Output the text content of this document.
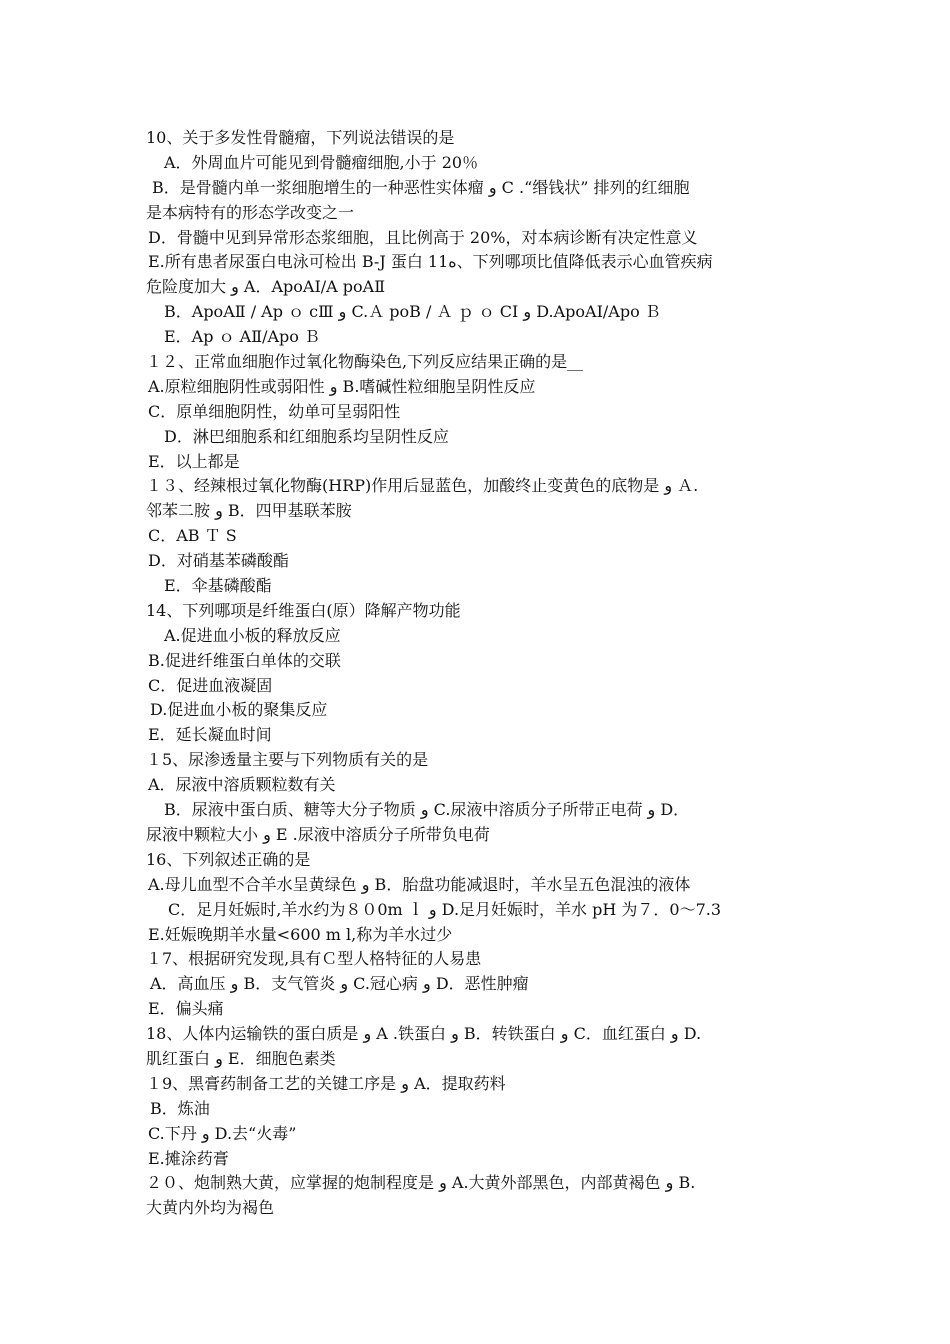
10、关于多发性骨髓瘤，下列说法错误的是
A．外周血片可能见到骨髓瘤细胞,小于 20％
B．是骨髓内单一浆细胞增生的一种恶性实体瘤 و C .“缗钱状” 排列的红细胞
是本病特有的形态学改变之一
D．骨髓中见到异常形态浆细胞，且比例高于 20%，对本病诊断有决定性意义
E.所有患者尿蛋白电泳可检出 B-J 蛋白 11ﻩ、下列哪项比值降低表示心血管疾病
危险度加大 و A．ApoAI/A poAⅡ
B．ApoAⅡ / Ap ｏ cⅢ و C.Ａ poB / Ａ ｐ ｏ CI و D.ApoAI/Apo Ｂ
E．Ap ｏ AⅡ/Apo Ｂ
１２、正常血细胞作过氧化物酶染色,下列反应结果正确的是__
A.原粒细胞阴性或弱阳性 و B.嗜碱性粒细胞呈阴性反应
C．原单细胞阴性，幼单可呈弱阳性
D．淋巴细胞系和红细胞系均呈阴性反应
E．以上都是
１３、经辣根过氧化物酶(HRP)作用后显蓝色，加酸终止变黄色的底物是 و Ａ.
邻苯二胺 و B．四甲基联苯胺
C．AB Ｔ S
D．对硝基苯磷酸酯
E．伞基磷酸酯
14、下列哪项是纤维蛋白(原）降解产物功能
A.促进血小板的释放反应
B.促进纤维蛋白单体的交联
C．促进血液凝固
D.促进血小板的聚集反应
E．延长凝血时间
１5、尿渗透量主要与下列物质有关的是
A．尿液中溶质颗粒数有关
B．尿液中蛋白质、糖等大分子物质 و C.尿液中溶质分子所带正电荷 و D．
尿液中颗粒大小 و E .尿液中溶质分子所带负电荷
16、下列叙述正确的是
A.母儿血型不合羊水呈黄绿色 و B．胎盘功能减退时，羊水呈五色混浊的液体
C．足月妊娠时,羊水约为８０0m ｌ و D.足月妊娠时，羊水 pH 为７．0～7.3
E.妊娠晚期羊水量<600 m l,称为羊水过少
１7、根据研究发现,具有Ｃ型人格特征的人易患
A．高血压 و B．支气管炎 و C.冠心病 و D．恶性肿瘤
E．偏头痛
18、人体内运输铁的蛋白质是 و A .铁蛋白 و B．转铁蛋白 و C．血红蛋白 و D.
肌红蛋白 و E．细胞色素类
１9、黑膏药制备工艺的关键工序是 و A．提取药料
B．炼油
C.下丹 و D.去“火毒”
E.摊涂药膏
２０、炮制熟大黄，应掌握的炮制程度是 و A.大黄外部黑色，内部黄褐色 و B.
大黄内外均为褐色
